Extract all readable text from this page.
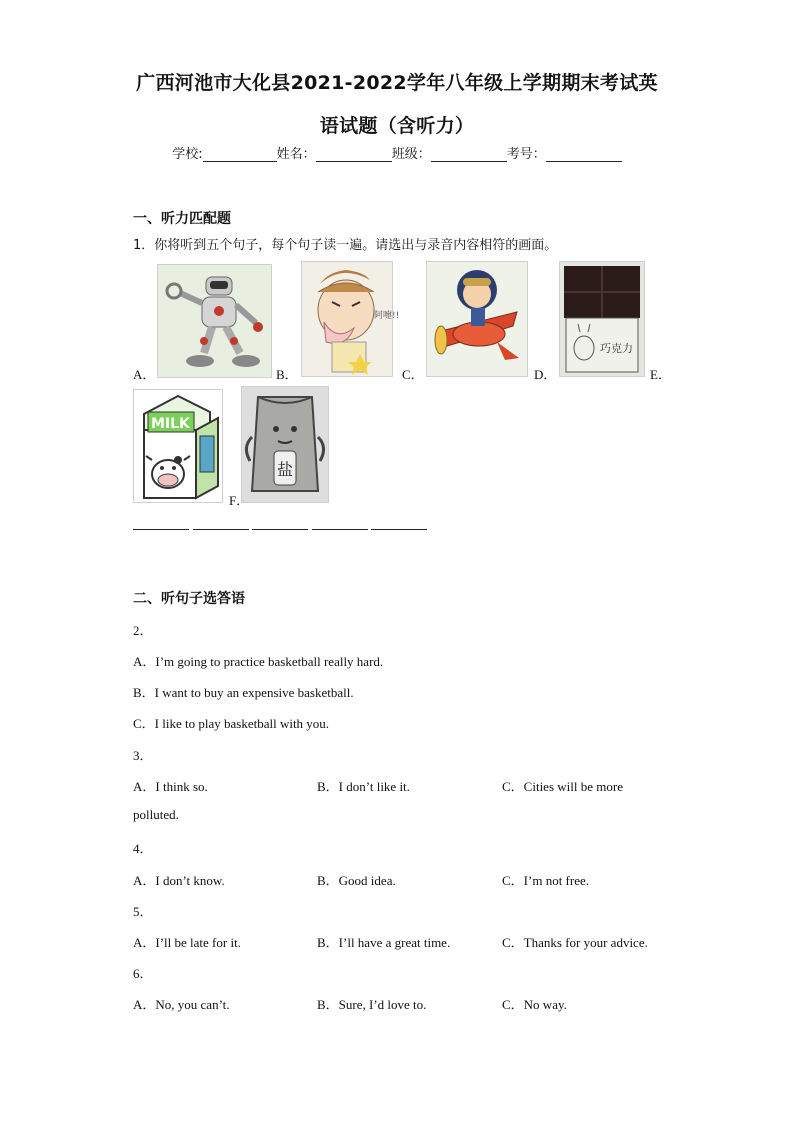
广西河池市大化县2021-2022学年八年级上学期期末考试英
语试题（含听力）
学校:	姓名：	班级：	考号：
一、听力匹配题
1．你将听到五个句子，每个句子读一遍。请选出与录音内容相符的画面。
A．
阿嚏!!
B．	C．
巧克力
D．	E．
MILK
盐
F．
二、听句子选答语
2．
A．I’m going to practice basketball really hard.
B．I want to buy an expensive basketball.
C．I like to play basketball with you.
3．
A．I think so.	B．I don’t like it.	C．Cities will be more
polluted.
4．
A．I don’t know.	B．Good idea.	C．I’m not free.
5．
A．I’ll be late for it.	B．I’ll have a great time.	C．Thanks for your advice.
6．
A．No, you can’t.	B．Sure, I’d love to.	C．No way.
